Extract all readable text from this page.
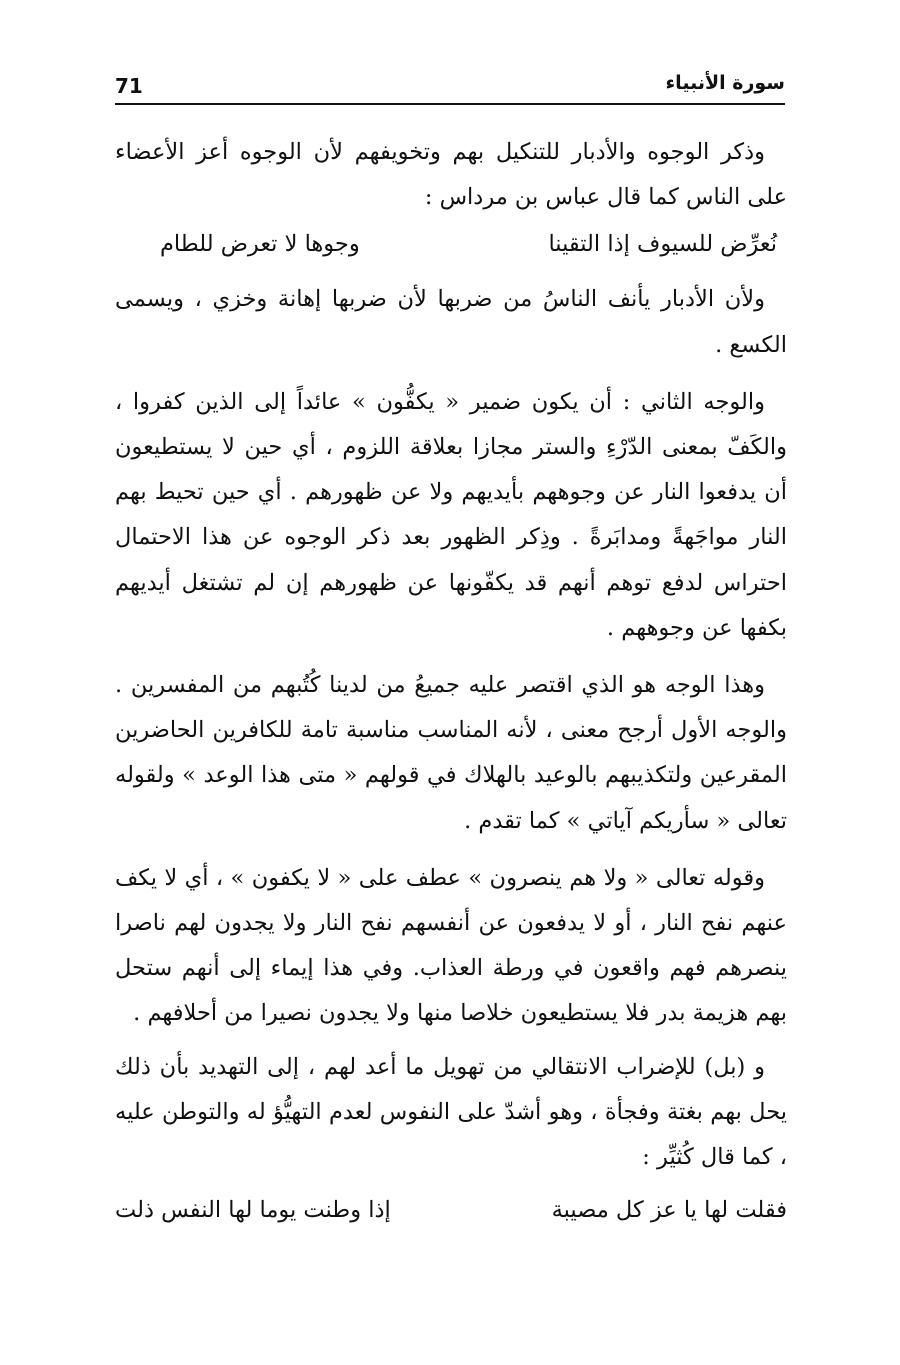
71	سورة الأنبياء

وذكر الوجوه والأدبار للتنكيل بهم وتخويفهم لأن الوجوه أعز الأعضاء على الناس كما قال عباس بن مرداس :

نُعرِّض للسيوف إذا التقينا
وجوها لا تعرض للطام

ولأن الأدبار يأنف الناسُ من ضربها لأن ضربها إهانة وخزي ، ويسمى الكسع .

والوجه الثاني : أن يكون ضمير « يكفُّون » عائداً إلى الذين كفروا ، والكَفّ بمعنى الدّرْءِ والستر مجازا بعلاقة اللزوم ، أي حين لا يستطيعون أن يدفعوا النار عن وجوههم بأيديهم ولا عن ظهورهم . أي حين تحيط بهم النار مواجَهةً ومدابَرةً . وذِكر الظهور بعد ذكر الوجوه عن هذا الاحتمال احتراس لدفع توهم أنهم قد يكفّونها عن ظهورهم إن لم تشتغل أيديهم بكفها عن وجوههم .

وهذا الوجه هو الذي اقتصر عليه جميعُ من لدينا كُتُبهم من المفسرين . والوجه الأول أرجح معنى ، لأنه المناسب مناسبة تامة للكافرين الحاضرين المقرعين ولتكذيبهم بالوعيد بالهلاك في قولهم « متى هذا الوعد » ولقوله تعالى « سأريكم آياتي » كما تقدم .

وقوله تعالى « ولا هم ينصرون » عطف على « لا يكفون » ، أي لا يكف عنهم نفح النار ، أو لا يدفعون عن أنفسهم نفح النار ولا يجدون لهم ناصرا ينصرهم فهم واقعون في ورطة العذاب. وفي هذا إيماء إلى أنهم ستحل بهم هزيمة بدر فلا يستطيعون خلاصا منها ولا يجدون نصيرا من أحلافهم .

و (بل) للإضراب الانتقالي من تهويل ما أعد لهم ، إلى التهديد بأن ذلك يحل بهم بغتة وفجأة ، وهو أشدّ على النفوس لعدم التهيُّؤ له والتوطن عليه ، كما قال كُثيِّر :

فقلت لها يا عز كل مصيبة
إذا وطنت يوما لها النفس ذلت
